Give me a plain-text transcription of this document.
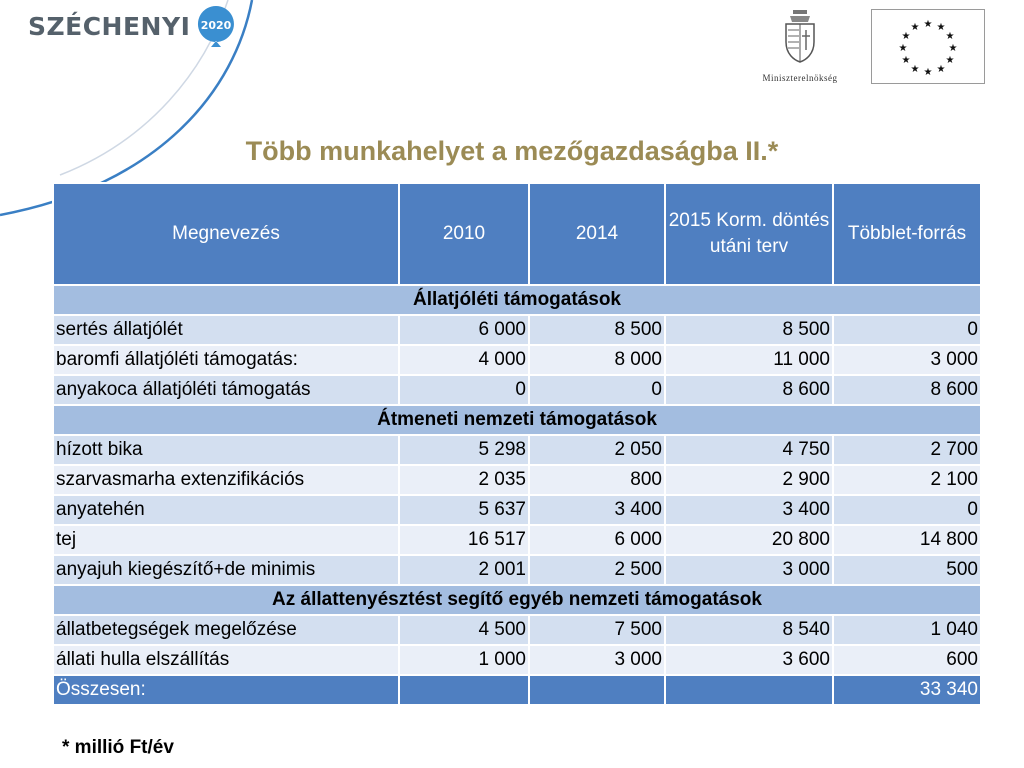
SZÉCHENYI 2020
Miniszterelnökség
★ ★
★
★
★
★
★
★
★
★
★
★
Több munkahelyet a mezőgazdaságba II.*
Megnevezés	2010	2014	2015 Korm. döntés utáni terv	Többlet-forrás
Állatjóléti támogatások				
sertés állatjólét	6 000	8 500	8 500	0
baromfi állatjóléti támogatás:	4 000	8 000	11 000	3 000
anyakoca állatjóléti támogatás	0	0	8 600	8 600
Átmeneti nemzeti támogatások				
hízott bika	5 298	2 050	4 750	2 700
szarvasmarha extenzifikációs	2 035	800	2 900	2 100
anyatehén	5 637	3 400	3 400	0
tej	16 517	6 000	20 800	14 800
anyajuh kiegészítő+de minimis	2 001	2 500	3 000	500
Az állattenyésztést segítő egyéb nemzeti támogatások				
állatbetegségek megelőzése	4 500	7 500	8 540	1 040
állati hulla elszállítás	1 000	3 000	3 600	600
Összesen:				33 340
* millió Ft/év
